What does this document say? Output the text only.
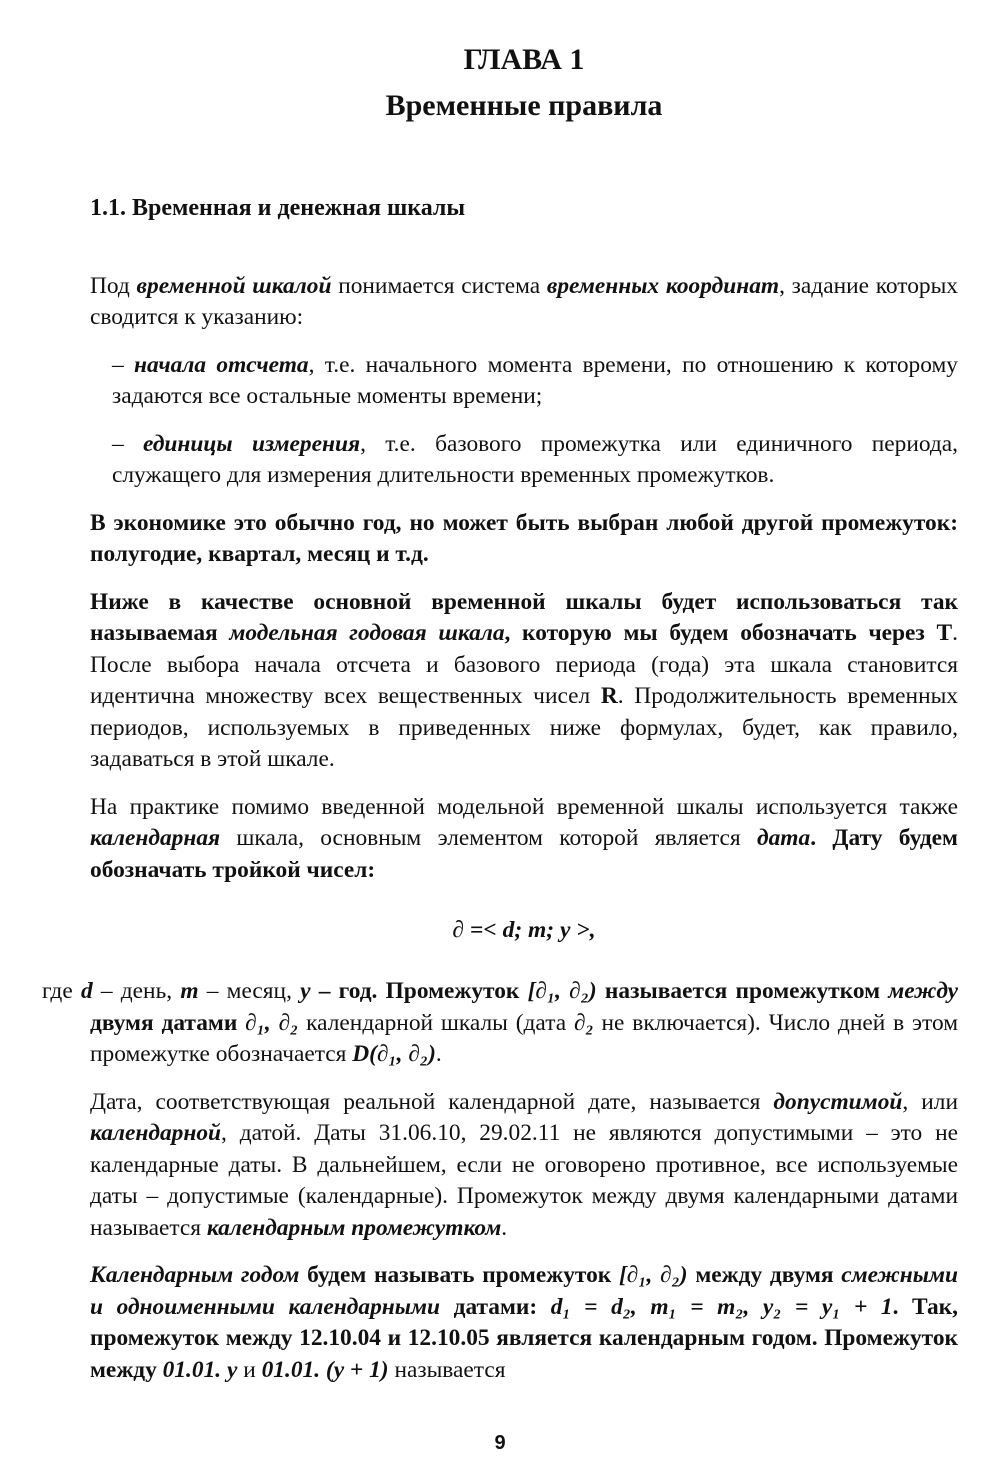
ГЛАВА 1
Временные правила
1.1. Временная и денежная шкалы

Под временной шкалой понимается система временных координат, задание которых сводится к указанию:

– начала отсчета, т.е. начального момента времени, по отношению к которому задаются все остальные моменты времени;

– единицы измерения, т.е. базового промежутка или единичного периода, служащего для измерения длительности временных промежутков.

В экономике это обычно год, но может быть выбран любой другой промежуток: полугодие, квартал, месяц и т.д.

Ниже в качестве основной временной шкалы будет использоваться так называемая модельная годовая шкала, которую мы будем обозначать через T. После выбора начала отсчета и базового периода (года) эта шкала становится идентична множеству всех вещественных чисел R. Продолжительность временных периодов, используемых в приведенных ниже формулах, будет, как правило, задаваться в этой шкале.

На практике помимо введенной модельной временной шкалы используется также календарная шкала, основным элементом которой является дата. Дату будем обозначать тройкой чисел:

∂ =< d; m; y >,

где d – день, m – месяц, y – год. Промежуток [∂₁, ∂₂) называется промежутком между двумя датами ∂₁, ∂₂ календарной шкалы (дата ∂₂ не включается). Число дней в этом промежутке обозначается D(∂₁, ∂₂).

Дата, соответствующая реальной календарной дате, называется допустимой, или календарной, датой. Даты 31.06.10, 29.02.11 не являются допустимыми – это не календарные даты. В дальнейшем, если не оговорено противное, все используемые даты – допустимые (календарные). Промежуток между двумя календарными датами называется календарным промежутком.

Календарным годом будем называть промежуток [∂₁, ∂₂) между двумя смежными и одноименными календарными датами: d₁ = d₂, m₁ = m₂, y₂ = y₁ + 1. Так, промежуток между 12.10.04 и 12.10.05 является календарным годом. Промежуток между 01.01. y и 01.01. (y + 1) называется

9
